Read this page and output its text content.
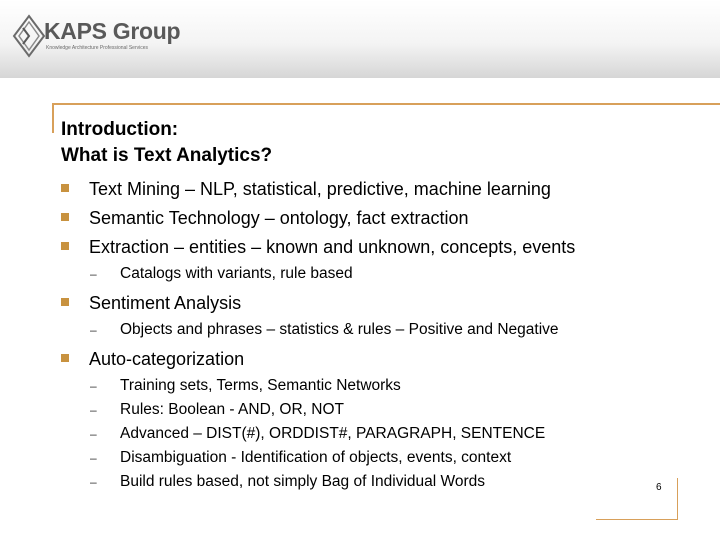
KAPS Group
Knowledge Architecture Professional Services
Introduction:
What is Text Analytics?
Text Mining – NLP, statistical, predictive, machine learning
Semantic Technology – ontology, fact extraction
Extraction – entities – known and unknown, concepts, events
– Catalogs with variants, rule based
Sentiment Analysis
– Objects and phrases – statistics & rules – Positive and Negative
Auto-categorization
– Training sets, Terms, Semantic Networks
– Rules: Boolean - AND, OR, NOT
– Advanced – DIST(#), ORDDIST#, PARAGRAPH, SENTENCE
– Disambiguation - Identification of objects, events, context
– Build rules based, not simply Bag of Individual Words	6
